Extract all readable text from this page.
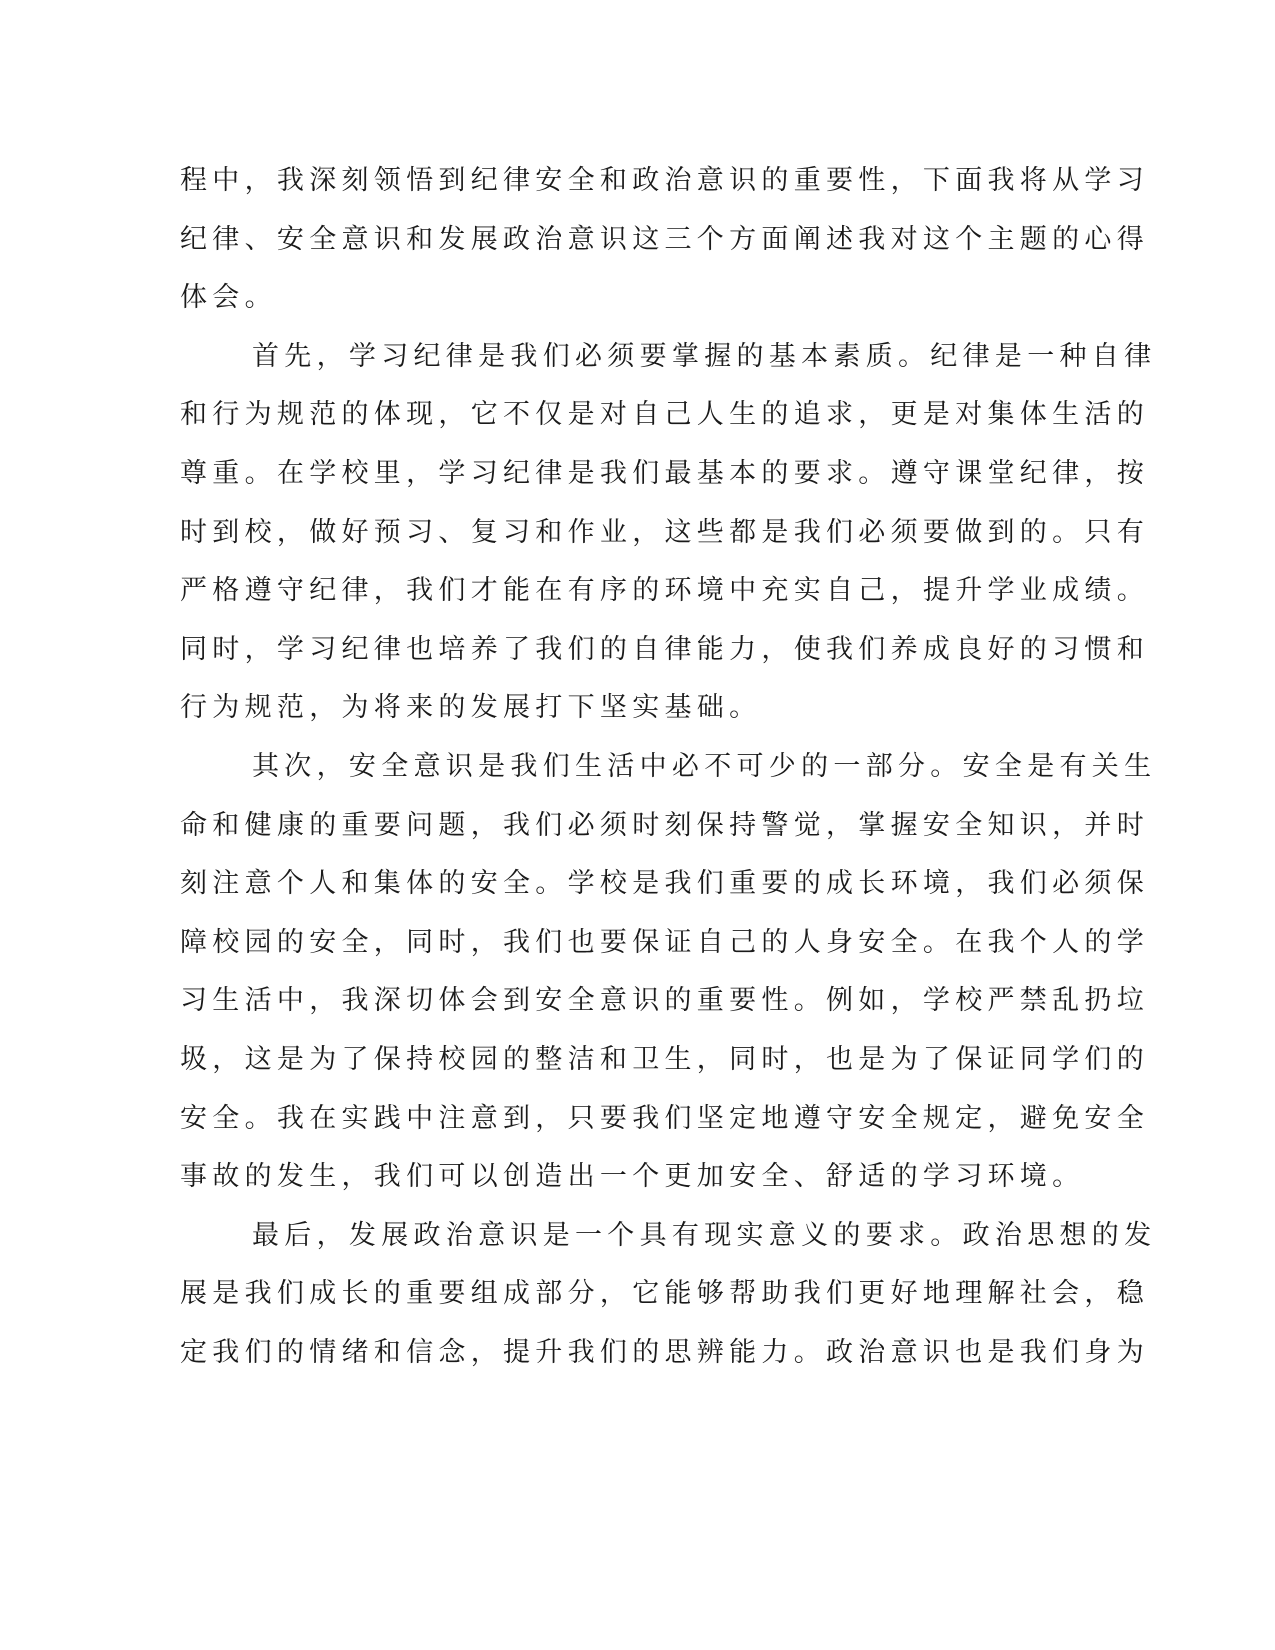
程中，我深刻领悟到纪律安全和政治意识的重要性，下面我将从学习
纪律、安全意识和发展政治意识这三个方面阐述我对这个主题的心得
体会。
首先，学习纪律是我们必须要掌握的基本素质。纪律是一种自律
和行为规范的体现，它不仅是对自己人生的追求，更是对集体生活的
尊重。在学校里，学习纪律是我们最基本的要求。遵守课堂纪律，按
时到校，做好预习、复习和作业，这些都是我们必须要做到的。只有
严格遵守纪律，我们才能在有序的环境中充实自己，提升学业成绩。
同时，学习纪律也培养了我们的自律能力，使我们养成良好的习惯和
行为规范，为将来的发展打下坚实基础。
其次，安全意识是我们生活中必不可少的一部分。安全是有关生
命和健康的重要问题，我们必须时刻保持警觉，掌握安全知识，并时
刻注意个人和集体的安全。学校是我们重要的成长环境，我们必须保
障校园的安全，同时，我们也要保证自己的人身安全。在我个人的学
习生活中，我深切体会到安全意识的重要性。例如，学校严禁乱扔垃
圾，这是为了保持校园的整洁和卫生，同时，也是为了保证同学们的
安全。我在实践中注意到，只要我们坚定地遵守安全规定，避免安全
事故的发生，我们可以创造出一个更加安全、舒适的学习环境。
最后，发展政治意识是一个具有现实意义的要求。政治思想的发
展是我们成长的重要组成部分，它能够帮助我们更好地理解社会，稳
定我们的情绪和信念，提升我们的思辨能力。政治意识也是我们身为
